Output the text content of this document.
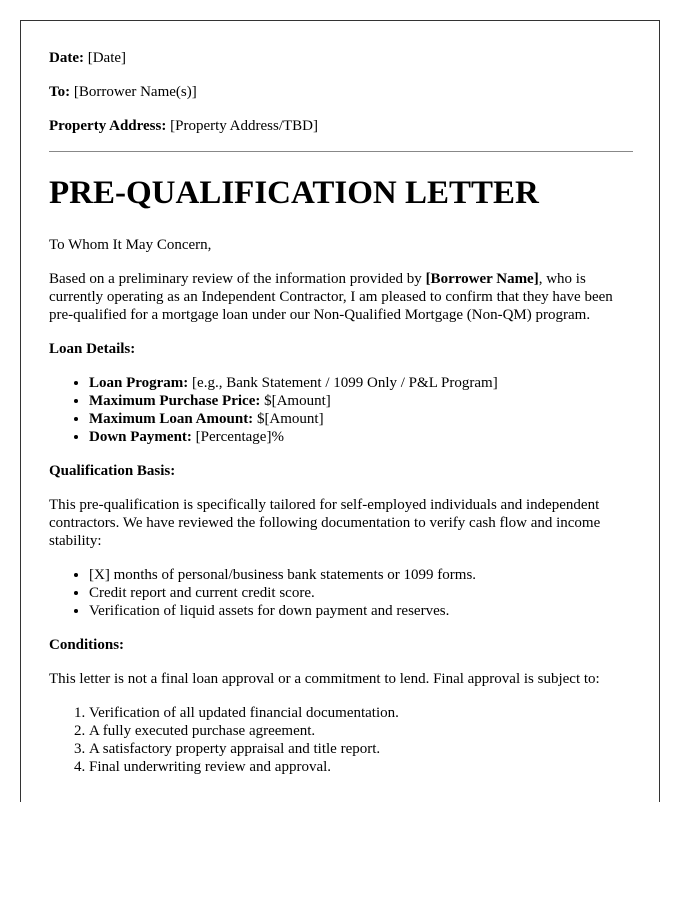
Date: [Date]
To: [Borrower Name(s)]
Property Address: [Property Address/TBD]
PRE-QUALIFICATION LETTER

To Whom It May Concern,

Based on a preliminary review of the information provided by [Borrower Name], who is currently operating as an Independent Contractor, I am pleased to confirm that they have been pre-qualified for a mortgage loan under our Non-Qualified Mortgage (Non-QM) program.

Loan Details:
• Loan Program: [e.g., Bank Statement / 1099 Only / P&L Program]
• Maximum Purchase Price: $[Amount]
• Maximum Loan Amount: $[Amount]
• Down Payment: [Percentage]%
Qualification Basis:

This pre-qualification is specifically tailored for self-employed individuals and independent contractors. We have reviewed the following documentation to verify cash flow and income stability:

• [X] months of personal/business bank statements or 1099 forms.
• Credit report and current credit score.
• Verification of liquid assets for down payment and reserves.
Conditions:

This letter is not a final loan approval or a commitment to lend. Final approval is subject to:

1. Verification of all updated financial documentation.
2. A fully executed purchase agreement.
3. A satisfactory property appraisal and title report.
4. Final underwriting review and approval.
